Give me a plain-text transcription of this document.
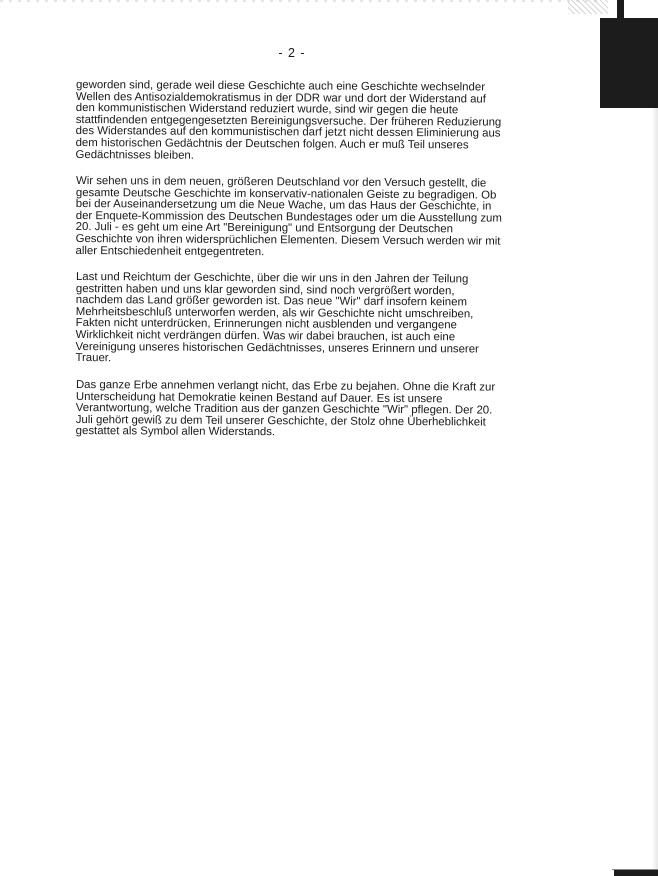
- 2 -

geworden sind, gerade weil diese Geschichte auch eine Geschichte wechselnder Wellen des Antisozialdemokratismus in der DDR war und dort der Widerstand auf den kommunistischen Widerstand reduziert wurde, sind wir gegen die heute stattfindenden entgegengesetzten Bereinigungsversuche. Der früheren Reduzierung des Widerstandes auf den kommunistischen darf jetzt nicht dessen Eliminierung aus dem historischen Gedächtnis der Deutschen folgen. Auch er muß Teil unseres Gedächtnisses bleiben.

Wir sehen uns in dem neuen, größeren Deutschland vor den Versuch gestellt, die gesamte Deutsche Geschichte im konservativ-nationalen Geiste zu begradigen. Ob bei der Auseinandersetzung um die Neue Wache, um das Haus der Geschichte, in der Enquete-Kommission des Deutschen Bundestages oder um die Ausstellung zum 20. Juli - es geht um eine Art "Bereinigung" und Entsorgung der Deutschen Geschichte von ihren widersprüchlichen Elementen. Diesem Versuch werden wir mit aller Entschiedenheit entgegentreten.

Last und Reichtum der Geschichte, über die wir uns in den Jahren der Teilung gestritten haben und uns klar geworden sind, sind noch vergrößert worden, nachdem das Land größer geworden ist. Das neue "Wir" darf insofern keinem Mehrheitsbeschluß unterworfen werden, als wir Geschichte nicht umschreiben, Fakten nicht unterdrücken, Erinnerungen nicht ausblenden und vergangene Wirklichkeit nicht verdrängen dürfen. Was wir dabei brauchen, ist auch eine Vereinigung unseres historischen Gedächtnisses, unseres Erinnern und unserer Trauer.

Das ganze Erbe annehmen verlangt nicht, das Erbe zu bejahen. Ohne die Kraft zur Unterscheidung hat Demokratie keinen Bestand auf Dauer. Es ist unsere Verantwortung, welche Tradition aus der ganzen Geschichte "Wir" pflegen. Der 20. Juli gehört gewiß zu dem Teil unserer Geschichte, der Stolz ohne Überheblichkeit gestattet als Symbol allen Widerstands.
